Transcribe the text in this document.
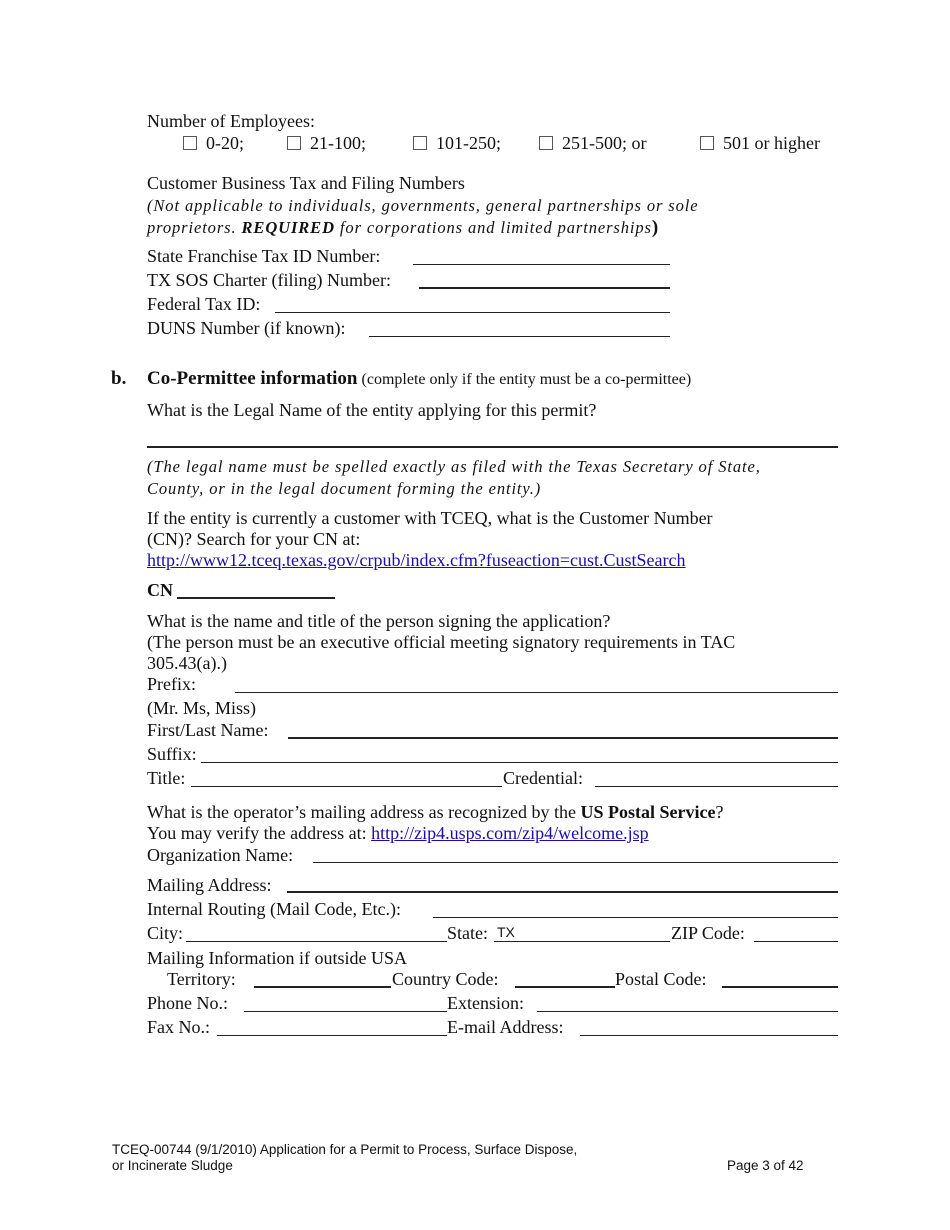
Number of Employees:
0-20;	21-100;	101-250;	251-500; or	501 or higher
Customer Business Tax and Filing Numbers
(Not applicable to individuals, governments, general partnerships or sole
proprietors. REQUIRED for corporations and limited partnerships)
State Franchise Tax ID Number:
TX SOS Charter (filing) Number:
Federal Tax ID:
DUNS Number (if known):
b. Co-Permittee information (complete only if the entity must be a co-permittee)
What is the Legal Name of the entity applying for this permit?
(The legal name must be spelled exactly as filed with the Texas Secretary of State,
County, or in the legal document forming the entity.)
If the entity is currently a customer with TCEQ, what is the Customer Number
(CN)? Search for your CN at:
http://www12.tceq.texas.gov/crpub/index.cfm?fuseaction=cust.CustSearch
CN
What is the name and title of the person signing the application?
(The person must be an executive official meeting signatory requirements in TAC
305.43(a).)
Prefix:
(Mr. Ms, Miss)
First/Last Name:
Suffix:
Title:	Credential:
What is the operator’s mailing address as recognized by the US Postal Service?
You may verify the address at: http://zip4.usps.com/zip4/welcome.jsp
Organization Name:
Mailing Address:
Internal Routing (Mail Code, Etc.):
City:	State: TX	ZIP Code:
Mailing Information if outside USA
Territory:	Country Code:	Postal Code:
Phone No.:	Extension:
Fax No.:	E-mail Address:
TCEQ-00744 (9/1/2010) Application for a Permit to Process, Surface Dispose,
or Incinerate Sludge	Page 3 of 42
